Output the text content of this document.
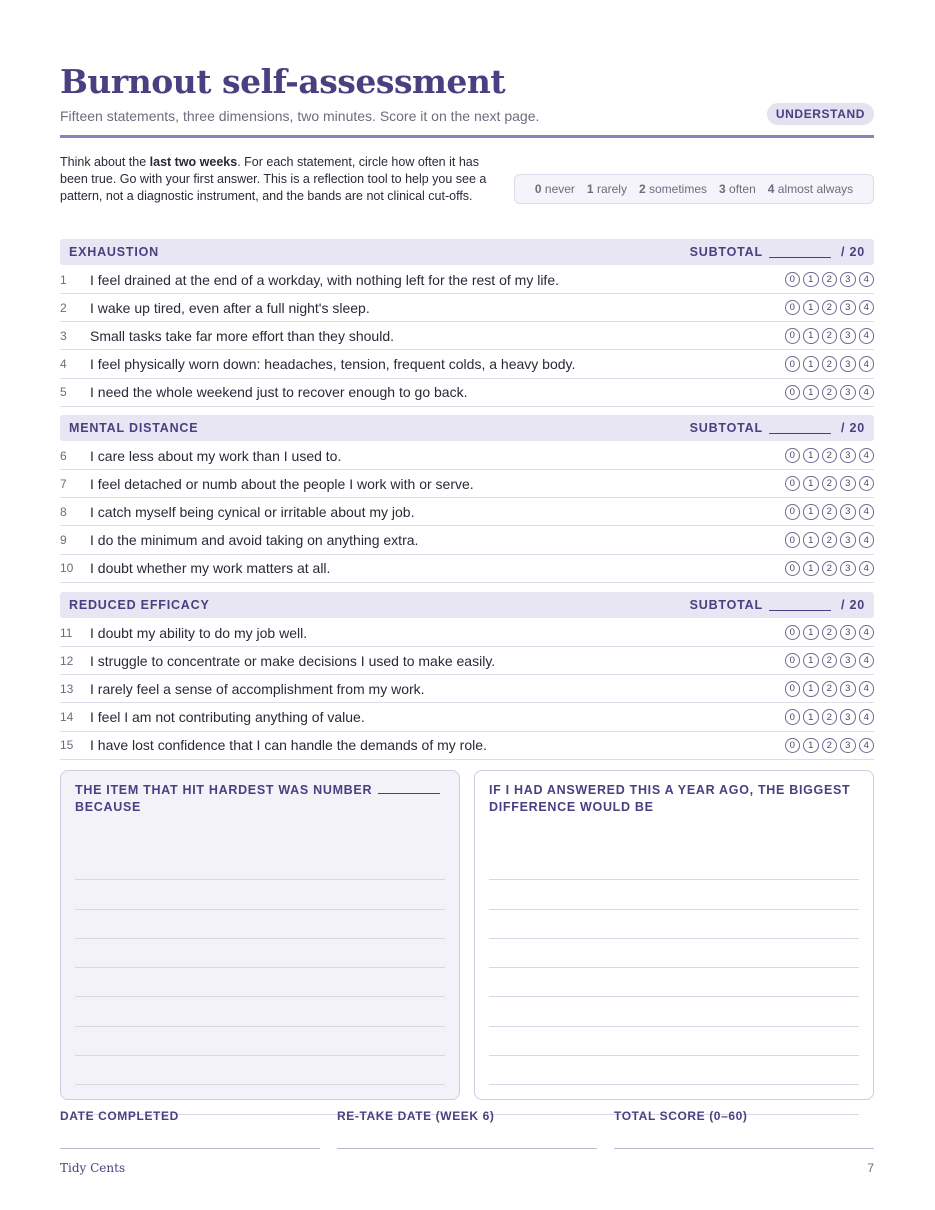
Burnout self-assessment
Fifteen statements, three dimensions, two minutes. Score it on the next page.	UNDERSTAND

Think about the last two weeks. For each statement, circle how often it has been true. Go with your first answer. This is a reflection tool to help you see a pattern, not a diagnostic instrument, and the bands are not clinical cut-offs.	0 never 1 rarely 2 sometimes 3 often 4 almost always
EXHAUSTION	SUBTOTAL	/ 20
1	I feel drained at the end of a workday, with nothing left for the rest of my life.	0	1	2	3	4
2	I wake up tired, even after a full night's sleep.	0	1	2	3	4
3	Small tasks take far more effort than they should.	0	1	2	3	4
4	I feel physically worn down: headaches, tension, frequent colds, a heavy body.	0	1	2	3	4
5	I need the whole weekend just to recover enough to go back.	0	1	2	3	4
MENTAL DISTANCE	SUBTOTAL	/ 20
6	I care less about my work than I used to.	0	1	2	3	4
7	I feel detached or numb about the people I work with or serve.	0	1	2	3	4
8	I catch myself being cynical or irritable about my job.	0	1	2	3	4
9	I do the minimum and avoid taking on anything extra.	0	1	2	3	4
10	I doubt whether my work matters at all.	0	1	2	3	4
REDUCED EFFICACY	SUBTOTAL	/ 20
11	I doubt my ability to do my job well.	0	1	2	3	4
12	I struggle to concentrate or make decisions I used to make easily.	0	1	2	3	4
13	I rarely feel a sense of accomplishment from my work.	0	1	2	3	4
14	I feel I am not contributing anything of value.	0	1	2	3	4
15	I have lost confidence that I can handle the demands of my role.	0	1	2	3	4
THE ITEM THAT HIT HARDEST WAS NUMBER
BECAUSE
IF I HAD ANSWERED THIS A YEAR AGO, THE BIGGEST DIFFERENCE WOULD BE
DATE COMPLETED	RE-TAKE DATE (WEEK 6)	TOTAL SCORE (0–60)
Tidy Cents	7
